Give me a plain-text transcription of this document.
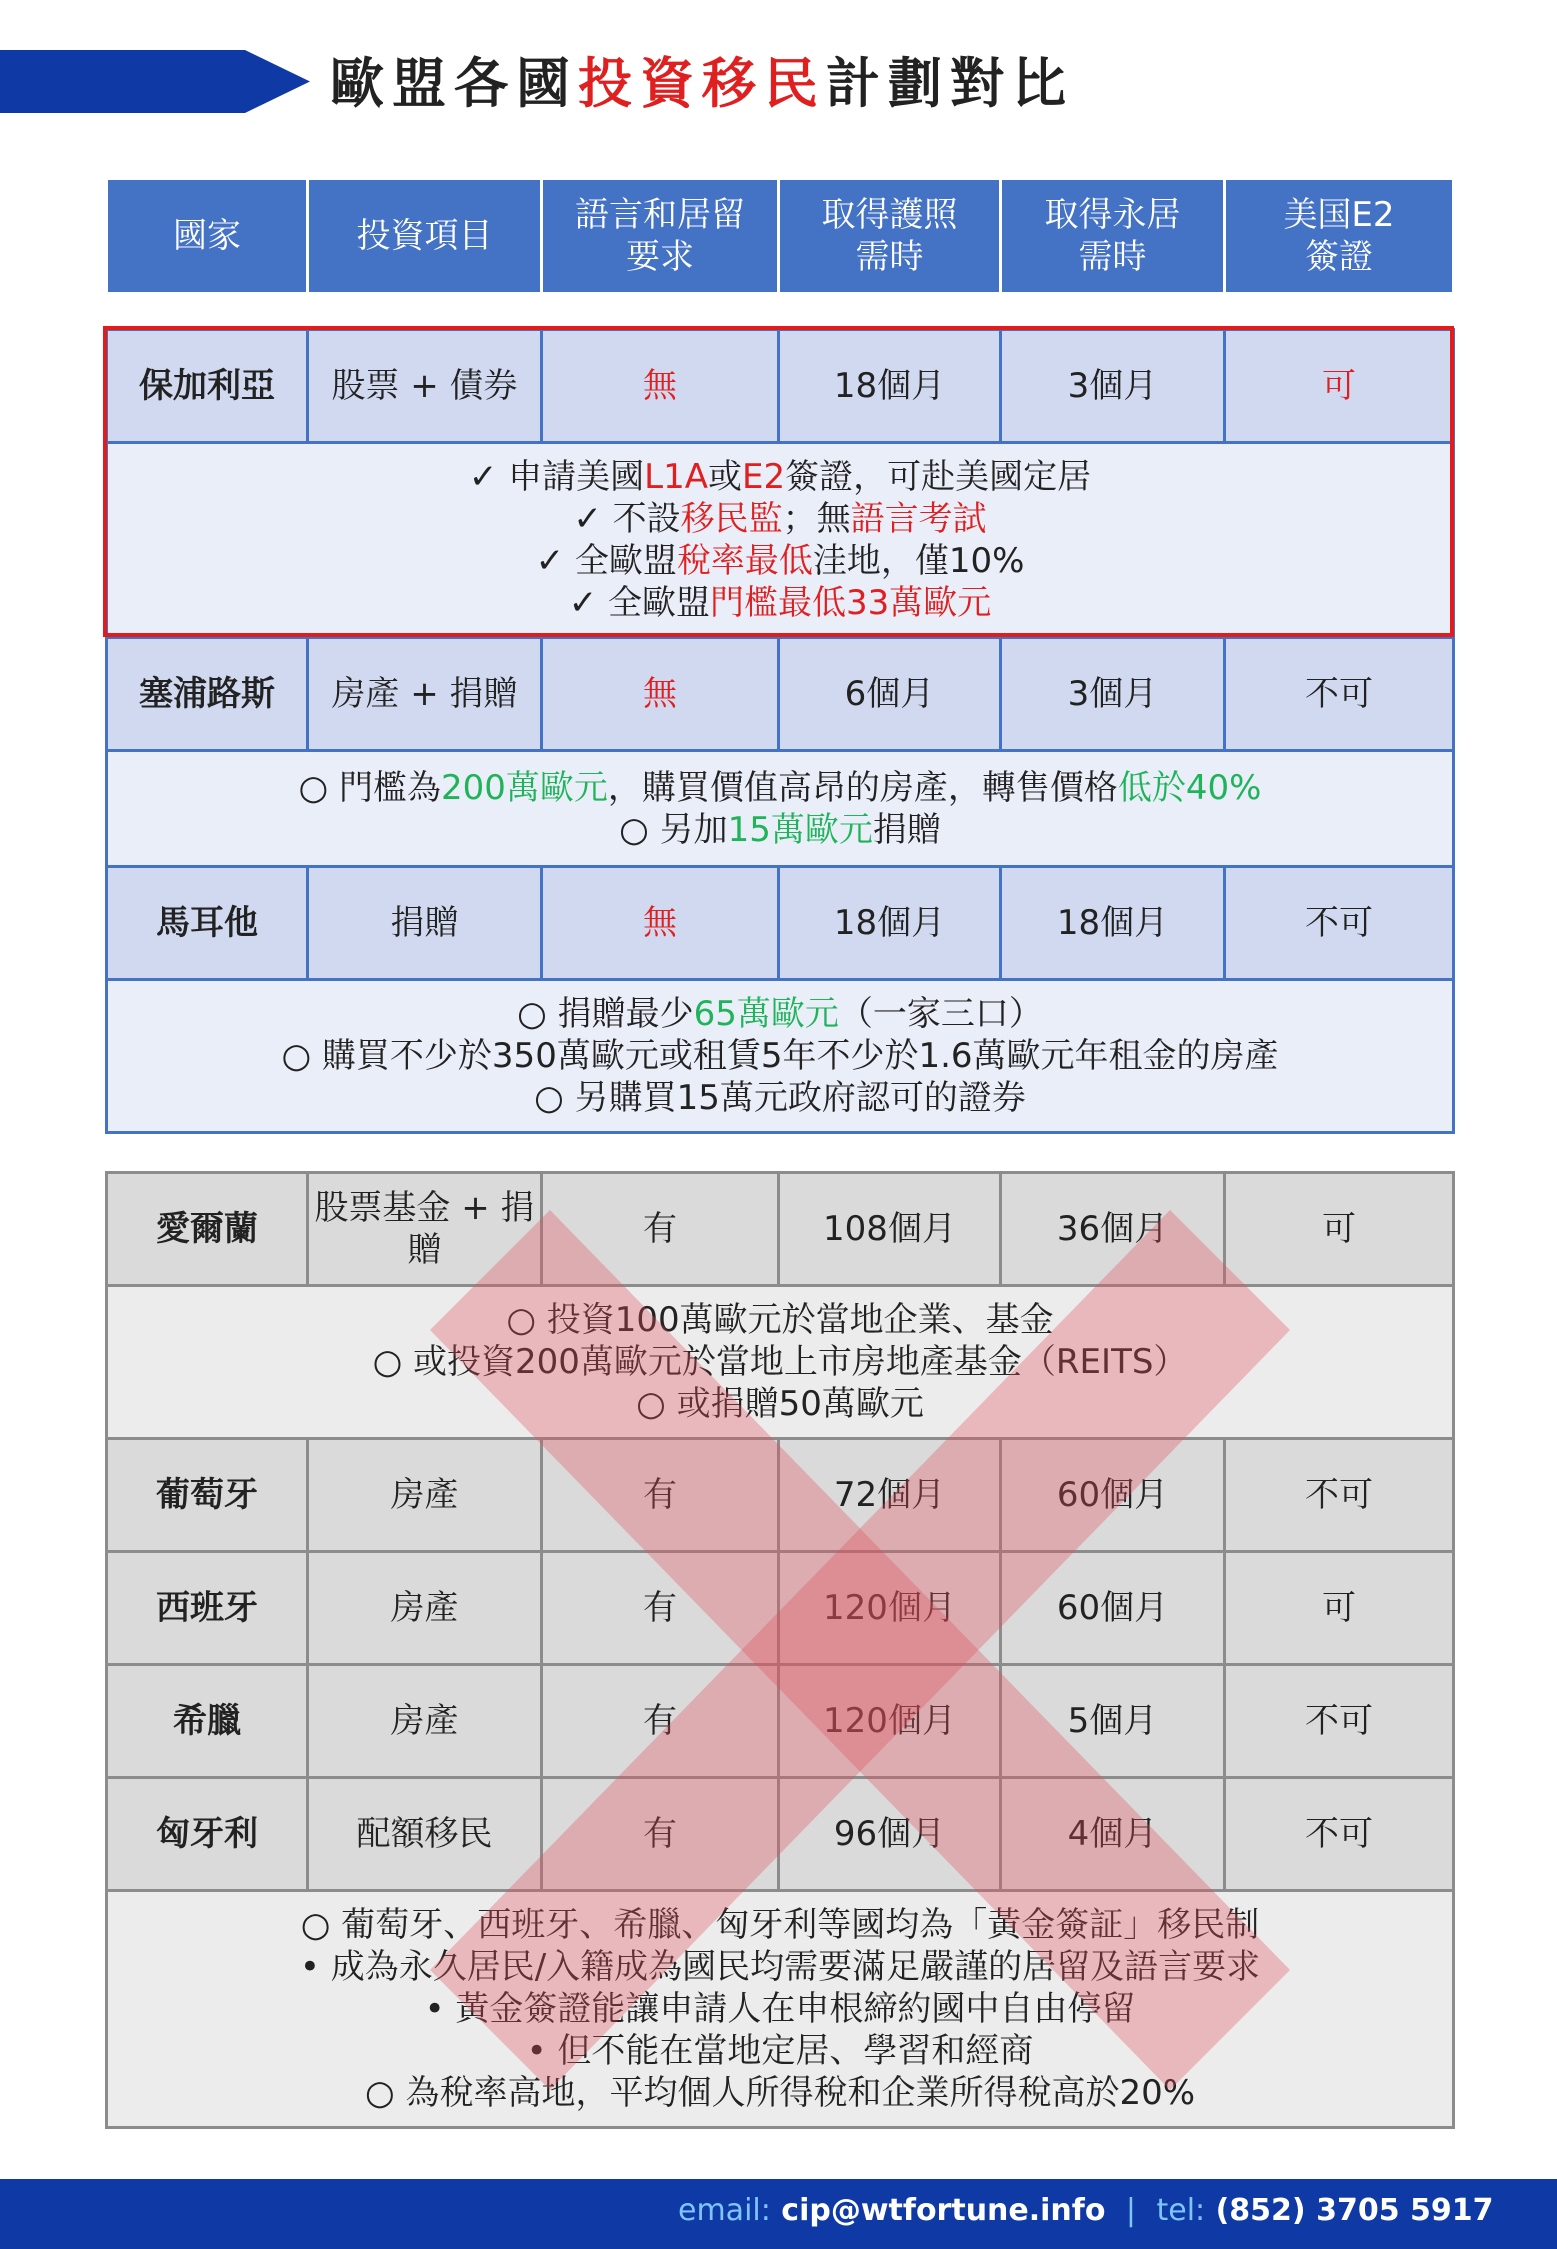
歐盟各國投資移民計劃對比
國家	投資項目	語言和居留要求	取得護照需時	取得永居需時	美国E2簽證
保加利亞	股票 + 債券	無	18個月	3個月	可

✓ 申請美國L1A或E2簽證，可赴美國定居
✓ 不設移民監；無語言考試
✓ 全歐盟稅率最低洼地，僅10%
✓ 全歐盟門檻最低33萬歐元					

塞浦路斯	房產 + 捐贈	無	6個月	3個月	不可

○ 門檻為200萬歐元，購買價值高昂的房產，轉售價格低於40%
○ 另加15萬歐元捐贈					

馬耳他	捐贈	無	18個月	18個月	不可

○ 捐贈最少65萬歐元（一家三口）
○ 購買不少於350萬歐元或租賃5年不少於1.6萬歐元年租金的房產
○ 另購買15萬元政府認可的證券					
愛爾蘭	股票基金 + 捐贈	有	108個月	36個月	可

○ 投資100萬歐元於當地企業、基金
○ 或投資200萬歐元於當地上市房地產基金（REITS）
○ 或捐贈50萬歐元					

葡萄牙	房產	有	72個月	60個月	不可
西班牙	房產	有	120個月	60個月	可
希臘	房產	有	120個月	5個月	不可
匈牙利	配額移民	有	96個月	4個月	不可

○ 葡萄牙、西班牙、希臘、匈牙利等國均為「黃金簽証」移民制
• 成為永久居民/入籍成為國民均需要滿足嚴謹的居留及語言要求
• 黃金簽證能讓申請人在申根締約國中自由停留
• 但不能在當地定居、學習和經商
○ 為稅率高地，平均個人所得稅和企業所得稅高於20%					
email: cip@wtfortune.info | tel: (852) 3705 5917
